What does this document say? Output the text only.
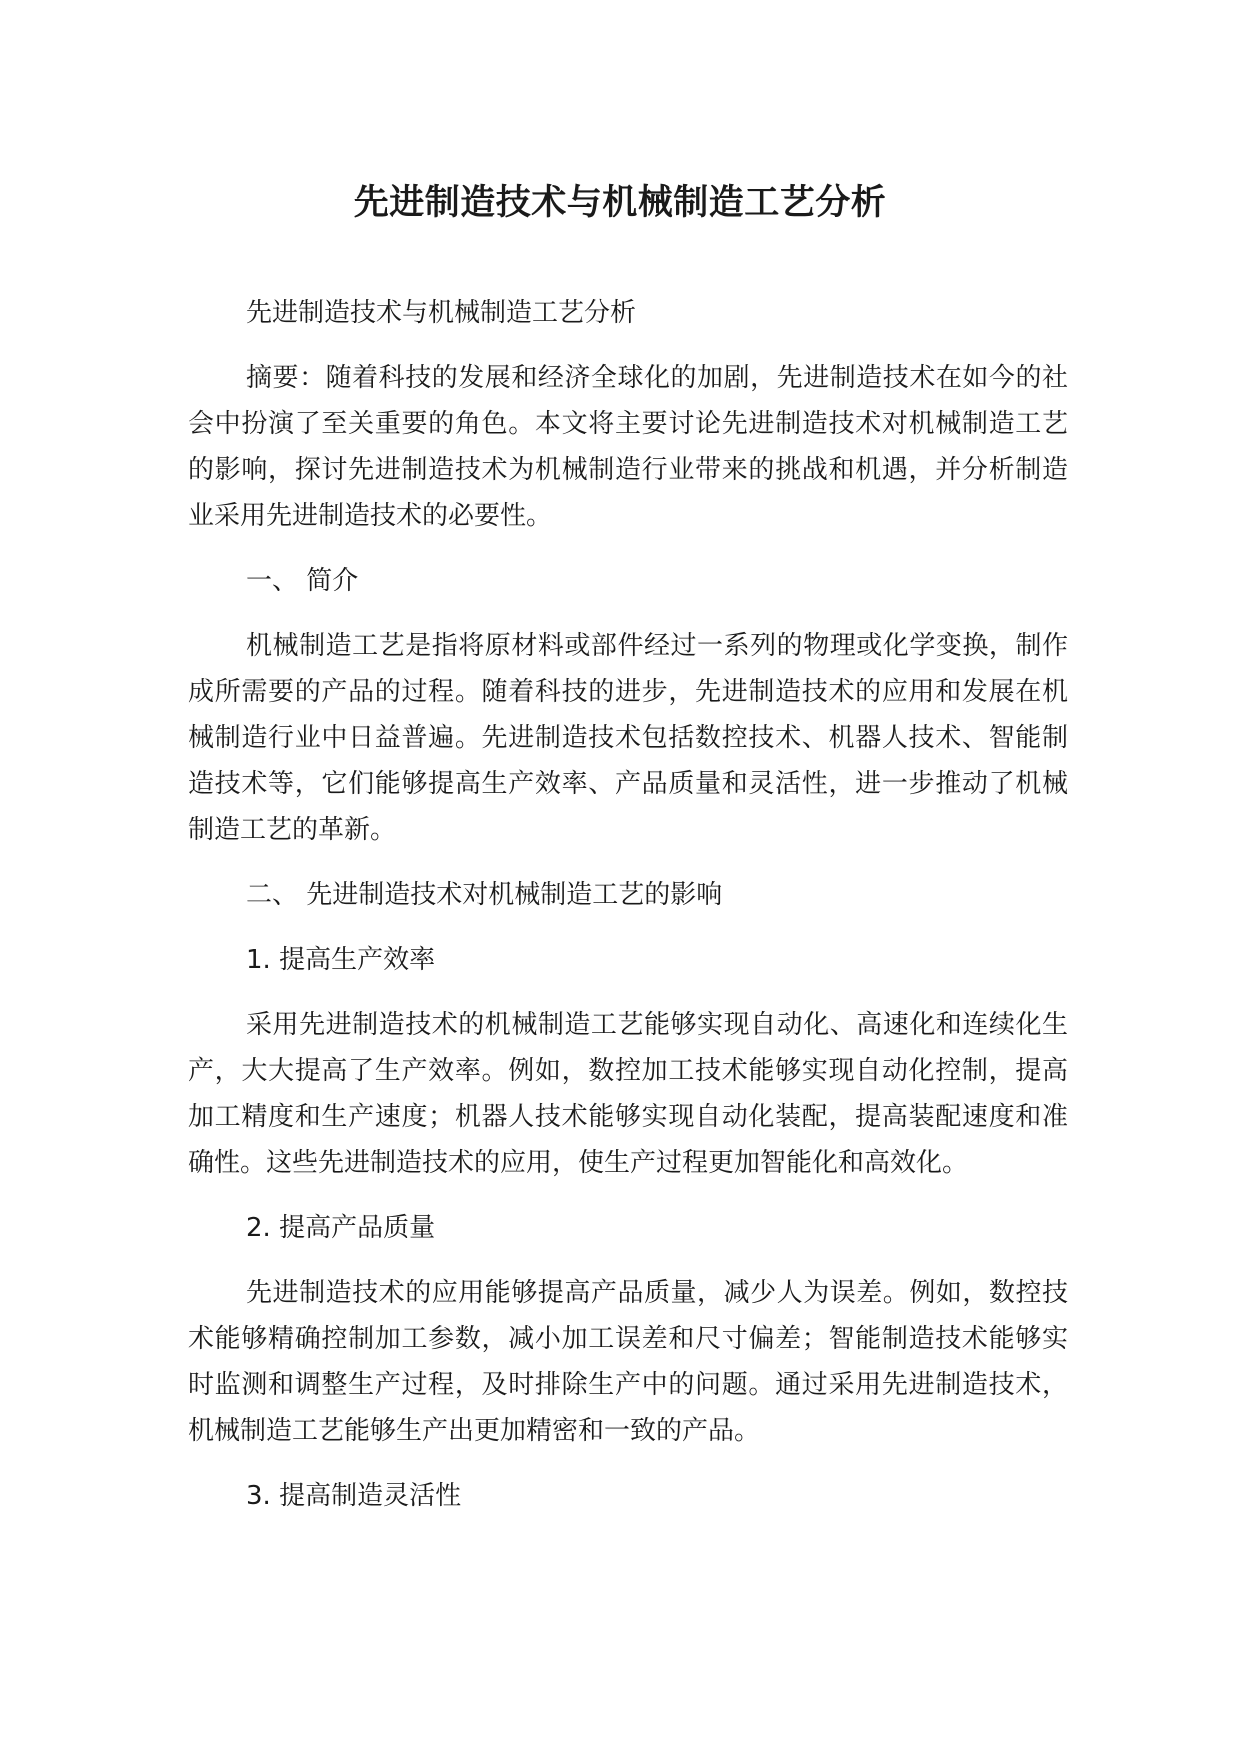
先进制造技术与机械制造工艺分析

先进制造技术与机械制造工艺分析

摘要：随着科技的发展和经济全球化的加剧，先进制造技术在如今的社会中扮演了至关重要的角色。本文将主要讨论先进制造技术对机械制造工艺的影响，探讨先进制造技术为机械制造行业带来的挑战和机遇，并分析制造业采用先进制造技术的必要性。

一、 简介

机械制造工艺是指将原材料或部件经过一系列的物理或化学变换，制作成所需要的产品的过程。随着科技的进步，先进制造技术的应用和发展在机械制造行业中日益普遍。先进制造技术包括数控技术、机器人技术、智能制造技术等，它们能够提高生产效率、产品质量和灵活性，进一步推动了机械制造工艺的革新。

二、 先进制造技术对机械制造工艺的影响

1. 提高生产效率

采用先进制造技术的机械制造工艺能够实现自动化、高速化和连续化生产，大大提高了生产效率。例如，数控加工技术能够实现自动化控制，提高加工精度和生产速度；机器人技术能够实现自动化装配，提高装配速度和准确性。这些先进制造技术的应用，使生产过程更加智能化和高效化。

2. 提高产品质量

先进制造技术的应用能够提高产品质量，减少人为误差。例如，数控技术能够精确控制加工参数，减小加工误差和尺寸偏差；智能制造技术能够实时监测和调整生产过程，及时排除生产中的问题。通过采用先进制造技术，机械制造工艺能够生产出更加精密和一致的产品。

3. 提高制造灵活性
